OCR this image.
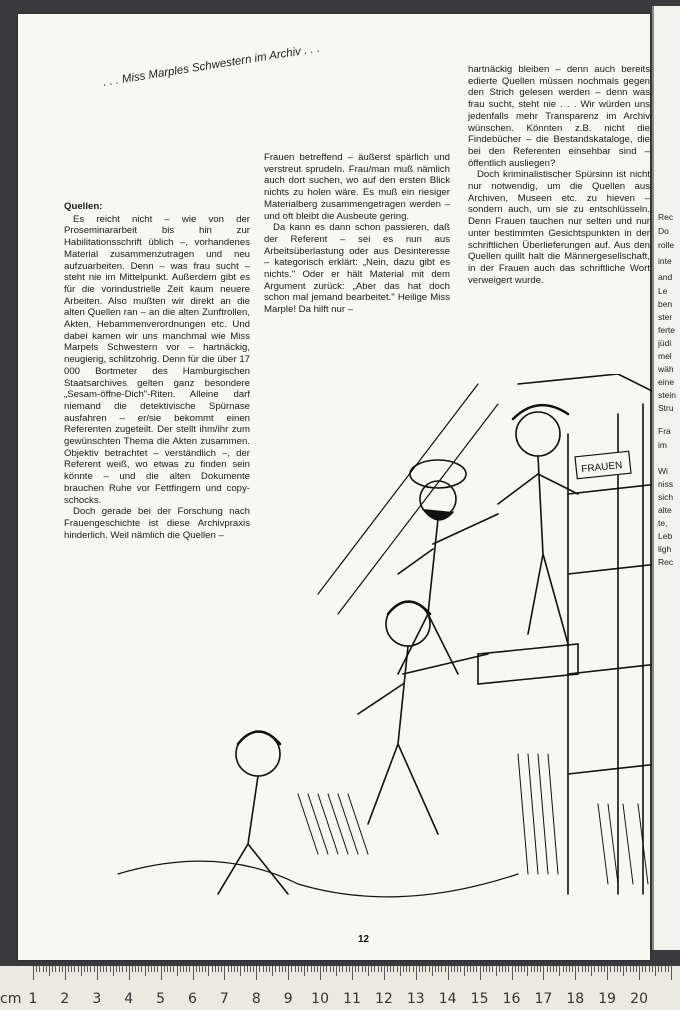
. . . Miss Marples Schwestern im Archiv . . .
Quellen:

Es reicht nicht – wie von der Proseminararbeit bis hin zur Habilitationsschrift üblich –, vorhandenes Material zusammenzutragen und neu aufzuarbeiten. Denn – was frau sucht – steht nie im Mittelpunkt. Außerdem gibt es für die vorindustrielle Zeit kaum neuere Arbeiten. Also mußten wir direkt an die alten Quellen ran – an die alten Zunftrollen, Akten, Hebammenverordnungen etc. Und dabei kamen wir uns manchmal wie Miss Marpels Schwestern vor – hartnäckig, neugierig, schlitzohrig. Denn für die über 17 000 Bortmeter des Hamburgischen Staatsarchives gelten ganz besondere „Sesam-öffne-Dich"-Riten. Alleine darf niemand die detektivische Spürnase ausfahren – er/sie bekommt einen Referenten zugeteilt. Der stellt ihm/ihr zum gewünschten Thema die Akten zusammen. Objektiv betrachtet – verständlich –, der Referent weiß, wo etwas zu finden sein könnte – und die alten Dokumente brauchen Ruhe vor Fettfingern und copy-schocks.

Doch gerade bei der Forschung nach Frauengeschichte ist diese Archivpraxis hinderlich. Weil nämlich die Quellen –

Frauen betreffend – äußerst spärlich und verstreut sprudeln. Frau/man muß nämlich auch dort suchen, wo auf den ersten Blick nichts zu holen wäre. Es muß ein riesiger Materialberg zusammengetragen werden – und oft bleibt die Ausbeute gering.

Da kann es dann schon passieren, daß der Referent – sei es nun aus Arbeitsüberlastung oder aus Desinteresse – kategorisch erklärt: „Nein, dazu gibt es nichts." Oder er hält Material mit dem Argument zurück: „Aber das hat doch schon mal jemand bearbeitet." Heilige Miss Marple! Da hilft nur –

hartnäckig bleiben – denn auch bereits edierte Quellen müssen nochmals gegen den Strich gelesen werden – denn was frau sucht, steht nie . . . Wir würden uns jedenfalls mehr Transparenz im Archiv wünschen. Könnten z.B. nicht die Findebücher – die Bestandskataloge, die bei den Referenten einsehbar sind – öffentlich ausliegen?

Doch kriminalistischer Spürsinn ist nicht nur notwendig, um die Quellen aus Archiven, Museen etc. zu hieven – sondern auch, um sie zu entschlüsseln. Denn Frauen tauchen nur selten und nur unter bestimmten Gesichtspunkten in der schriftlichen Überlieferungen auf. Aus den Quellen quillt halt die Männergesellschaft, in der Frauen auch das schriftliche Wort verweigert wurde.

FRAUEN
12
Rec
Do
rolle
inte
and
Le
ben
ster
ferte
jüdi
mel
wäh
eine
stein
Stru
Fra
im
Wi
niss
sich
alte
te,
Leb
ligh
Rec
cm 1 2 3 4 5 6 7 8 9 10 11 12 13 14 15 16 17 18 19 20
